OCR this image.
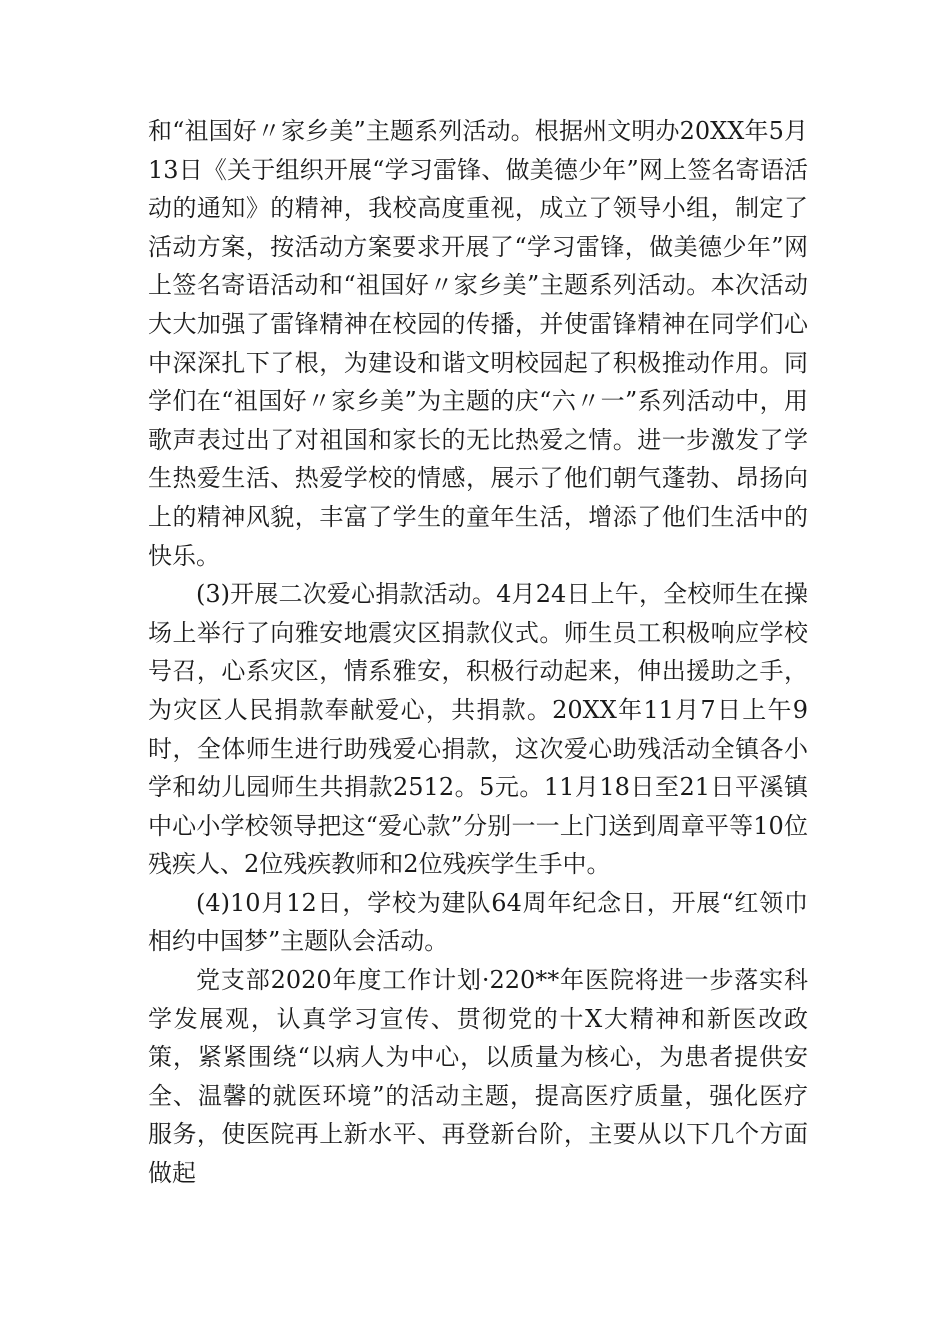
和“祖国好〃家乡美”主题系列活动。根据州文明办20XX年5月13日《关于组织开展“学习雷锋、做美德少年”网上签名寄语活动的通知》的精神，我校高度重视，成立了领导小组，制定了活动方案，按活动方案要求开展了“学习雷锋，做美德少年”网上签名寄语活动和“祖国好〃家乡美”主题系列活动。本次活动大大加强了雷锋精神在校园的传播，并使雷锋精神在同学们心中深深扎下了根，为建设和谐文明校园起了积极推动作用。同学们在“祖国好〃家乡美”为主题的庆“六〃一”系列活动中，用歌声表过出了对祖国和家长的无比热爱之情。进一步激发了学生热爱生活、热爱学校的情感，展示了他们朝气蓬勃、昂扬向上的精神风貌，丰富了学生的童年生活，增添了他们生活中的快乐。

(3)开展二次爱心捐款活动。4月24日上午，全校师生在操场上举行了向雅安地震灾区捐款仪式。师生员工积极响应学校号召，心系灾区，情系雅安，积极行动起来，伸出援助之手，为灾区人民捐款奉献爱心，共捐款。20XX年11月7日上午9时，全体师生进行助残爱心捐款，这次爱心助残活动全镇各小学和幼儿园师生共捐款2512。5元。11月18日至21日平溪镇中心小学校领导把这“爱心款”分别一一上门送到周章平等10位残疾人、2位残疾教师和2位残疾学生手中。

(4)10月12日，学校为建队64周年纪念日，开展“红领巾相约中国梦”主题队会活动。

党支部2020年度工作计划·220**年医院将进一步落实科学发展观，认真学习宣传、贯彻党的十X大精神和新医改政策，紧紧围绕“以病人为中心，以质量为核心，为患者提供安全、温馨的就医环境”的活动主题，提高医疗质量，强化医疗服务，使医院再上新水平、再登新台阶，主要从以下几个方面做起
